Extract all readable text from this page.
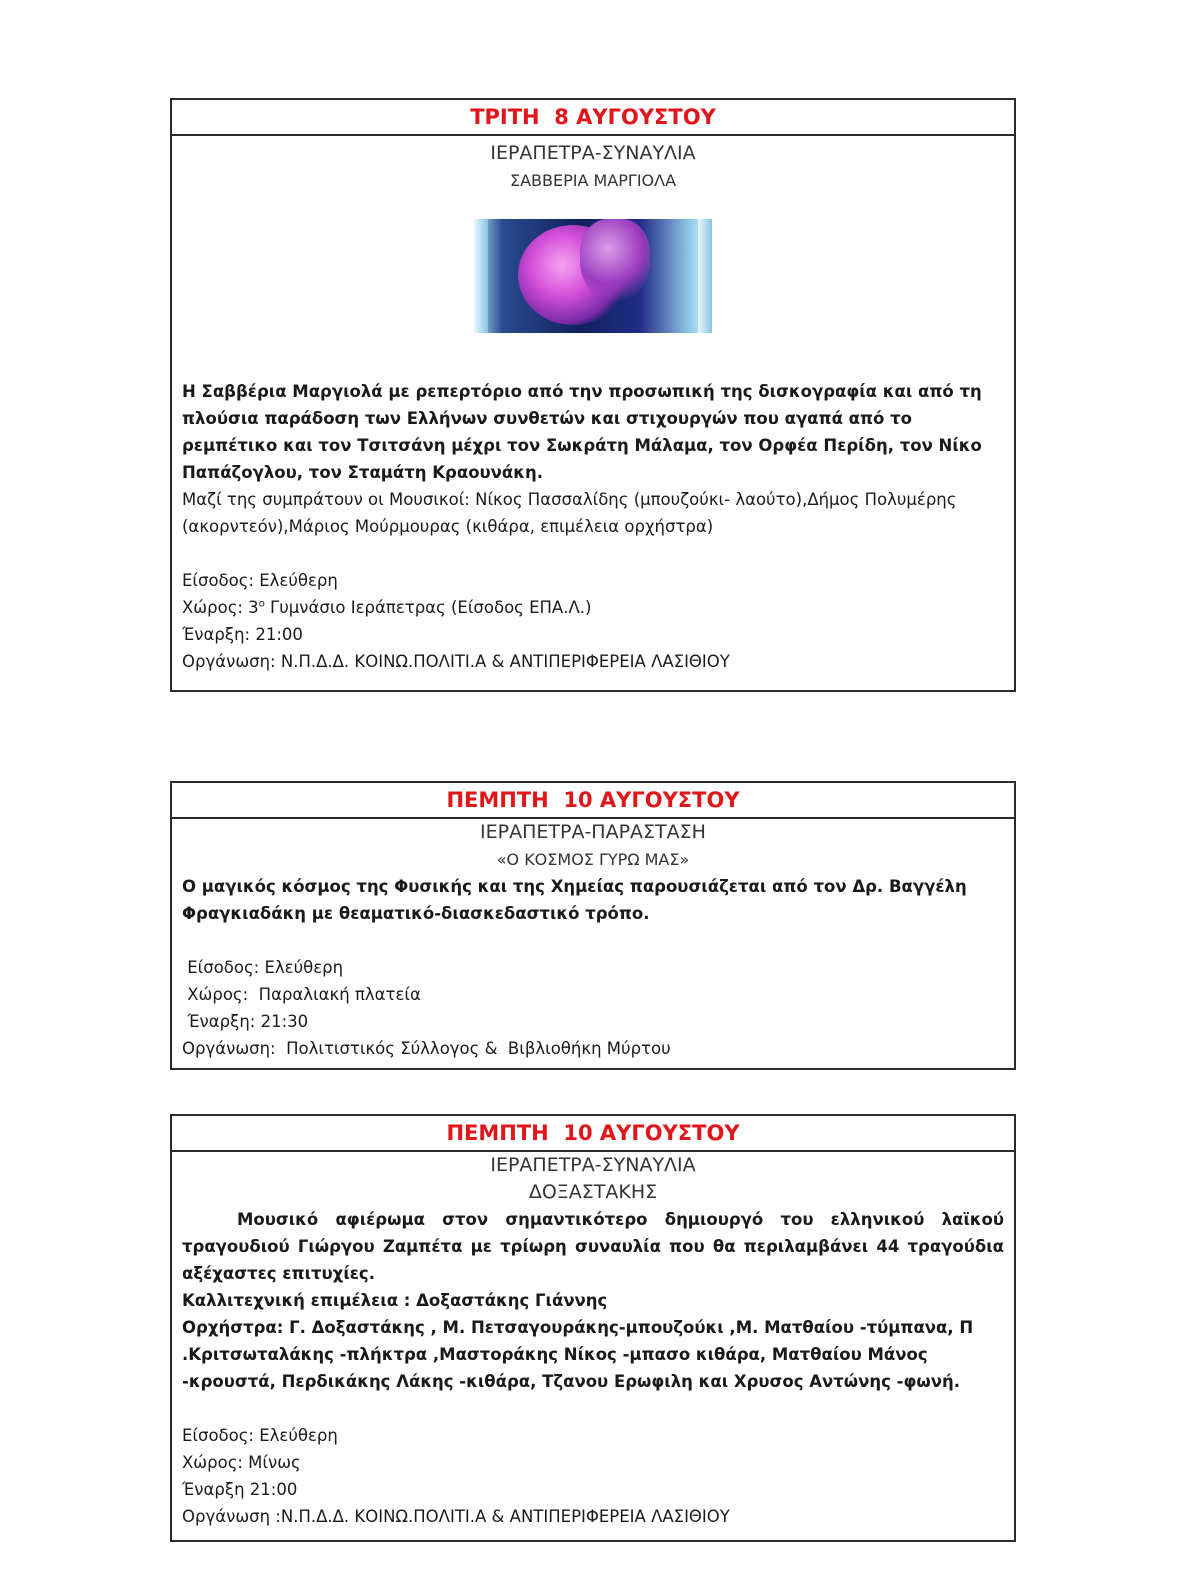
ΤΡΙΤΗ  8 ΑΥΓΟΥΣΤΟΥ
ΙΕΡΑΠΕΤΡΑ-ΣΥΝΑΥΛΙΑ
ΣΑΒΒΕΡΙΑ ΜΑΡΓΙΟΛΑ

Η Σαββέρια Μαργιολά με ρεπερτόριο από την προσωπική της δισκογραφία και από τη πλούσια παράδοση των Ελλήνων συνθετών και στιχουργών που αγαπά από το ρεμπέτικο και τον Τσιτσάνη μέχρι τον Σωκράτη Μάλαμα, τον Ορφέα Περίδη, τον Νίκο Παπάζογλου, τον Σταμάτη Κραουνάκη.

Μαζί της συμπράτουν οι Μουσικοί: Νίκος Πασσαλίδης (μπουζούκι- λαούτο),Δήμος Πολυμέρης (ακορντεόν),Μάριος Μούρμουρας (κιθάρα, επιμέλεια ορχήστρα)

Είσοδος: Ελεύθερη

Χώρος: $3^o$ Γυμνάσιο Ιεράπετρας (Είσοδος ΕΠΑ.Λ.)

Έναρξη: 21:00

Οργάνωση: Ν.Π.Δ.Δ. ΚΟΙΝΩ.ΠΟΛΙΤΙ.Α & ΑΝΤΙΠΕΡΙΦΕΡΕΙΑ ΛΑΣΙΘΙΟΥ

ΠΕΜΠΤΗ  10 ΑΥΓΟΥΣΤΟΥ
ΙΕΡΑΠΕΤΡΑ-ΠΑΡΑΣΤΑΣΗ
«Ο ΚΟΣΜΟΣ ΓΥΡΩ ΜΑΣ»

Ο μαγικός κόσμος της Φυσικής και της Χημείας παρουσιάζεται από τον Δρ. Βαγγέλη Φραγκιαδάκη με θεαματικό-διασκεδαστικό τρόπο.

Είσοδος: Ελεύθερη

Χώρος:  Παραλιακή πλατεία

Έναρξη: 21:30

Οργάνωση:  Πολιτιστικός Σύλλογος &  Βιβλιοθήκη Μύρτου

ΠΕΜΠΤΗ  10 ΑΥΓΟΥΣΤΟΥ
ΙΕΡΑΠΕΤΡΑ-ΣΥΝΑΥΛΙΑ
ΔΟΞΑΣΤΑΚΗΣ

Μουσικό αφιέρωμα στον σημαντικότερο δημιουργό του ελληνικού λαϊκού τραγουδιού Γιώργου Ζαμπέτα με τρίωρη συναυλία που θα περιλαμβάνει 44 τραγούδια αξέχαστες επιτυχίες.

Καλλιτεχνική επιμέλεια : Δοξαστάκης Γιάννης

Ορχήστρα: Γ. Δοξαστάκης , Μ. Πετσαγουράκης-μπουζούκι ,Μ. Ματθαίου -τύμπανα, Π .Κριτσωταλάκης -πλήκτρα ,Μαστοράκης Νίκος -μπασο κιθάρα, Ματθαίου Μάνος -κρουστά, Περδικάκης Λάκης -κιθάρα, Τζανου Ερωφιλη και Χρυσος Αντώνης -φωνή.

Είσοδος: Ελεύθερη

Χώρος: Μίνως

Έναρξη 21:00

Οργάνωση :Ν.Π.Δ.Δ. ΚΟΙΝΩ.ΠΟΛΙΤΙ.Α & ΑΝΤΙΠΕΡΙΦΕΡΕΙΑ ΛΑΣΙΘΙΟΥ
